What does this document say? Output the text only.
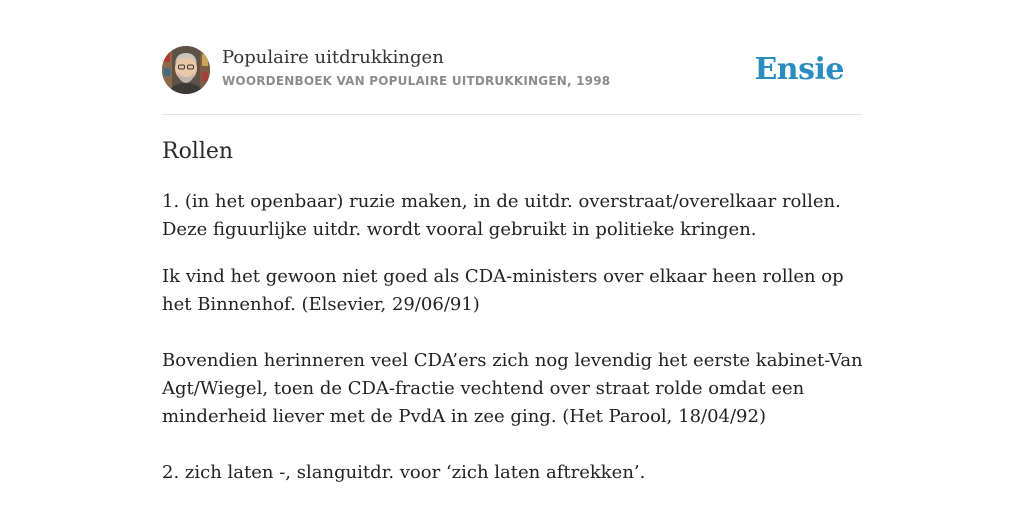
Populaire uitdrukkingen
WOORDENBOEK VAN POPULAIRE UITDRUKKINGEN, 1998	Ensie
Rollen

1. (in het openbaar) ruzie maken, in de uitdr. overstraat/overelkaar rollen. Deze figuurlijke uitdr. wordt vooral gebruikt in politieke kringen.

Ik vind het gewoon niet goed als CDA-ministers over elkaar heen rollen op het Binnenhof. (Elsevier, 29/06/91)

Bovendien herinneren veel CDA’ers zich nog levendig het eerste kabinet-Van Agt/Wiegel, toen de CDA-fractie vechtend over straat rolde omdat een minderheid liever met de PvdA in zee ging. (Het Parool, 18/04/92)

2. zich laten -, slanguitdr. voor ‘zich laten aftrekken’.
